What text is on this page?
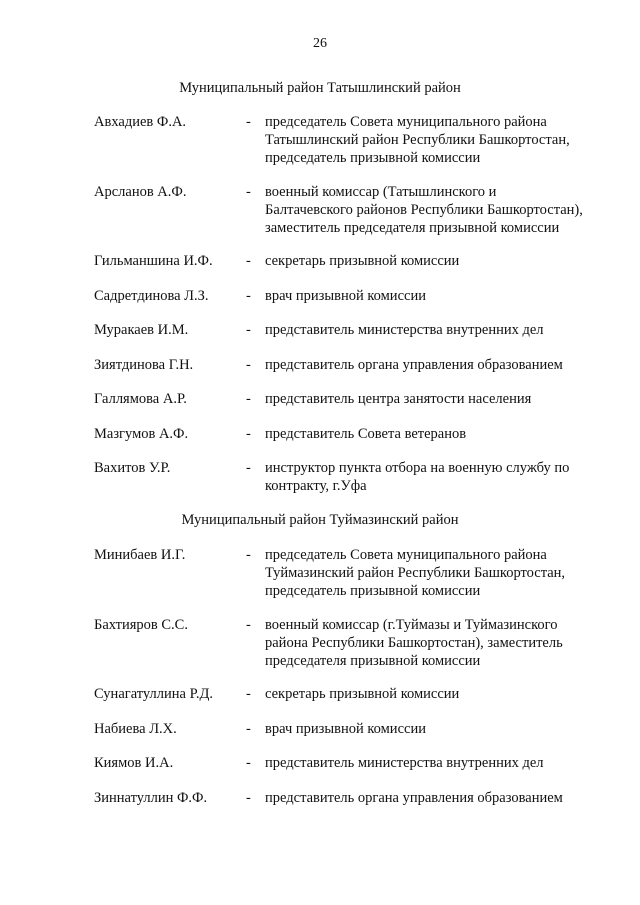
26
Муниципальный район Татышлинский район
Авхадиев Ф.А.	- председатель Совета муниципального района
Татышлинский район Республики Башкортостан,
председатель призывной комиссии
Арсланов А.Ф.	- военный комиссар (Татышлинского и
Балтачевского районов Республики Башкортостан),
заместитель председателя призывной комиссии
Гильманшина И.Ф. - секретарь призывной комиссии
Садретдинова Л.З.	- врач призывной комиссии
Муракаев И.М.	- представитель министерства внутренних дел
Зиятдинова Г.Н.	- представитель органа управления образованием
Галлямова А.Р.	- представитель центра занятости населения
Мазгумов А.Ф.	- представитель Совета ветеранов
Вахитов У.Р.	- инструктор пункта отбора на военную службу по
контракту, г.Уфа
Муниципальный район Туймазинский район
Минибаев И.Г.	- председатель Совета муниципального района
Туймазинский район Республики Башкортостан,
председатель призывной комиссии
Бахтияров С.С.	- военный комиссар (г.Туймазы и Туймазинского
района Республики Башкортостан), заместитель
председателя призывной комиссии
Сунагатуллина Р.Д. - секретарь призывной комиссии
Набиева Л.Х.	- врач призывной комиссии
Киямов И.А.	- представитель министерства внутренних дел
Зиннатуллин Ф.Ф.	- представитель органа управления образованием
